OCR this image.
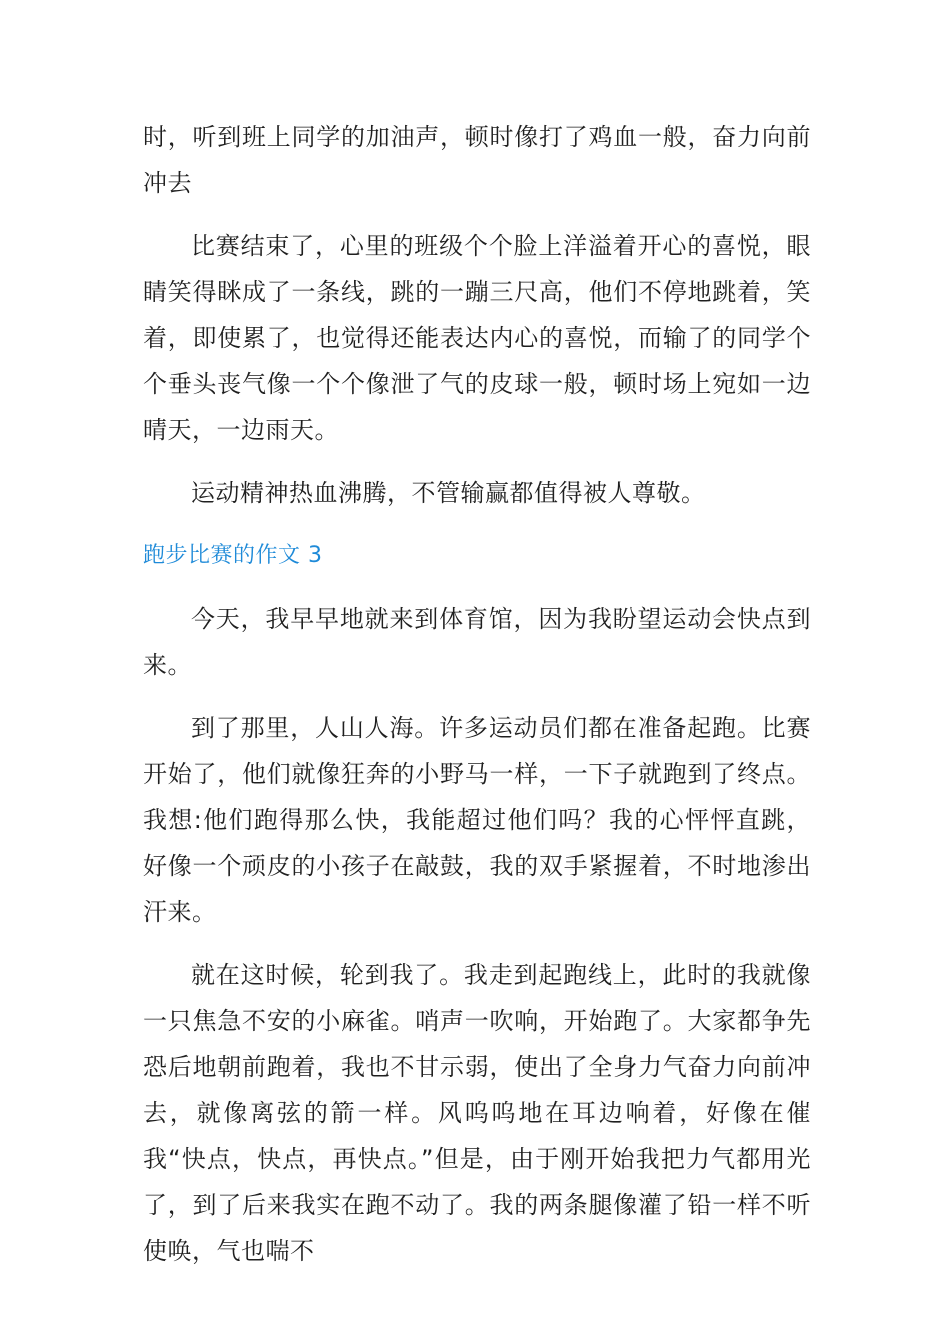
时，听到班上同学的加油声，顿时像打了鸡血一般，奋力向前冲去

比赛结束了，心里的班级个个脸上洋溢着开心的喜悦，眼睛笑得眯成了一条线，跳的一蹦三尺高，他们不停地跳着，笑着，即使累了，也觉得还能表达内心的喜悦，而输了的同学个个垂头丧气像一个个像泄了气的皮球一般，顿时场上宛如一边晴天，一边雨天。

运动精神热血沸腾，不管输赢都值得被人尊敬。

跑步比赛的作文 3

今天，我早早地就来到体育馆，因为我盼望运动会快点到来。

到了那里，人山人海。许多运动员们都在准备起跑。比赛开始了，他们就像狂奔的小野马一样，一下子就跑到了终点。我想:他们跑得那么快，我能超过他们吗？我的心怦怦直跳，好像一个顽皮的小孩子在敲鼓，我的双手紧握着，不时地渗出汗来。

就在这时候，轮到我了。我走到起跑线上，此时的我就像一只焦急不安的小麻雀。哨声一吹响，开始跑了。大家都争先恐后地朝前跑着，我也不甘示弱，使出了全身力气奋力向前冲去，就像离弦的箭一样。风呜呜地在耳边响着，好像在催我“快点，快点，再快点。”但是，由于刚开始我把力气都用光了，到了后来我实在跑不动了。我的两条腿像灌了铅一样不听使唤，气也喘不
